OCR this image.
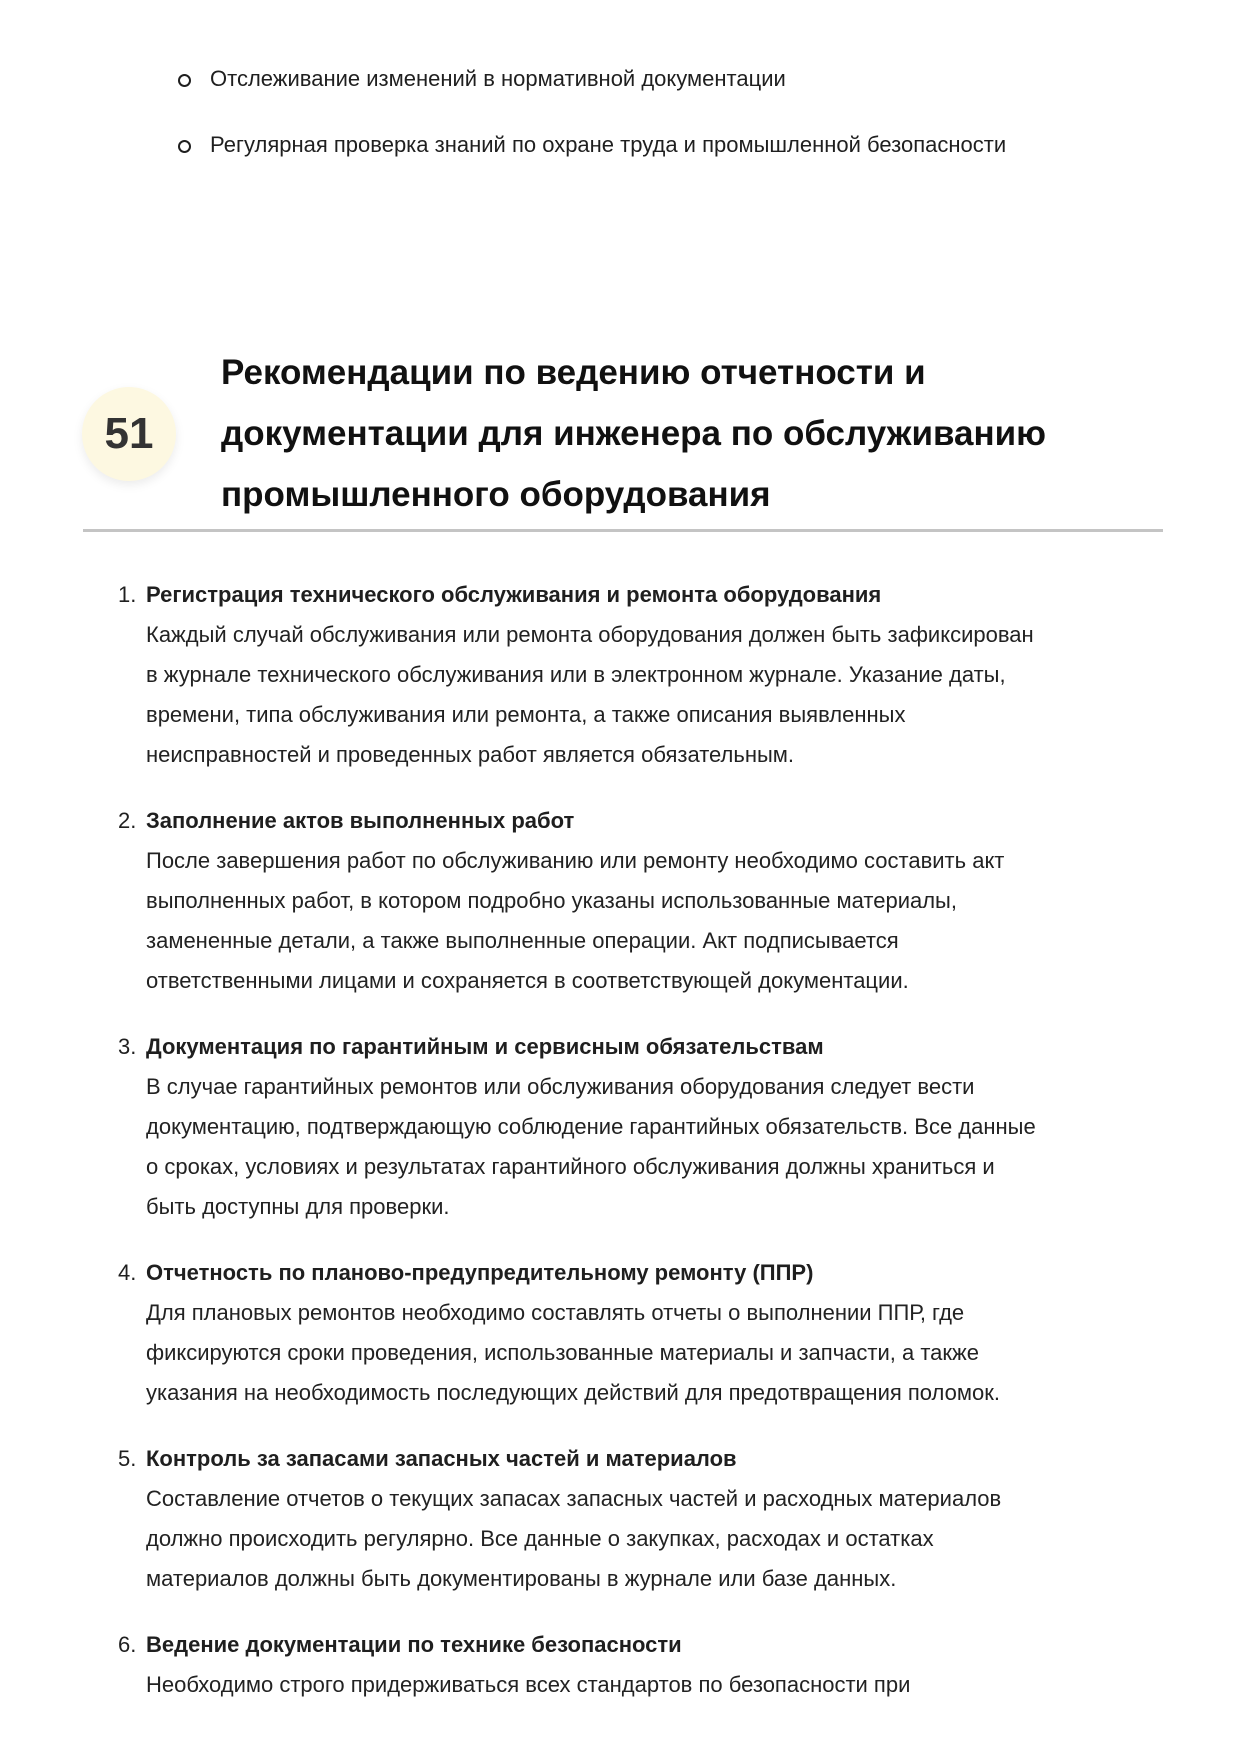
Отслеживание изменений в нормативной документации
Регулярная проверка знаний по охране труда и промышленной безопасности
51
Рекомендации по ведению отчетности и
документации для инженера по обслуживанию
промышленного оборудования
1. Регистрация технического обслуживания и ремонта оборудования
Каждый случай обслуживания или ремонта оборудования должен быть зафиксирован
в журнале технического обслуживания или в электронном журнале. Указание даты,
времени, типа обслуживания или ремонта, а также описания выявленных
неисправностей и проведенных работ является обязательным.
2. Заполнение актов выполненных работ
После завершения работ по обслуживанию или ремонту необходимо составить акт
выполненных работ, в котором подробно указаны использованные материалы,
замененные детали, а также выполненные операции. Акт подписывается
ответственными лицами и сохраняется в соответствующей документации.
3. Документация по гарантийным и сервисным обязательствам
В случае гарантийных ремонтов или обслуживания оборудования следует вести
документацию, подтверждающую соблюдение гарантийных обязательств. Все данные
о сроках, условиях и результатах гарантийного обслуживания должны храниться и
быть доступны для проверки.
4. Отчетность по планово-предупредительному ремонту (ППР)
Для плановых ремонтов необходимо составлять отчеты о выполнении ППР, где
фиксируются сроки проведения, использованные материалы и запчасти, а также
указания на необходимость последующих действий для предотвращения поломок.
5. Контроль за запасами запасных частей и материалов
Составление отчетов о текущих запасах запасных частей и расходных материалов
должно происходить регулярно. Все данные о закупках, расходах и остатках
материалов должны быть документированы в журнале или базе данных.
6. Ведение документации по технике безопасности
Необходимо строго придерживаться всех стандартов по безопасности при
